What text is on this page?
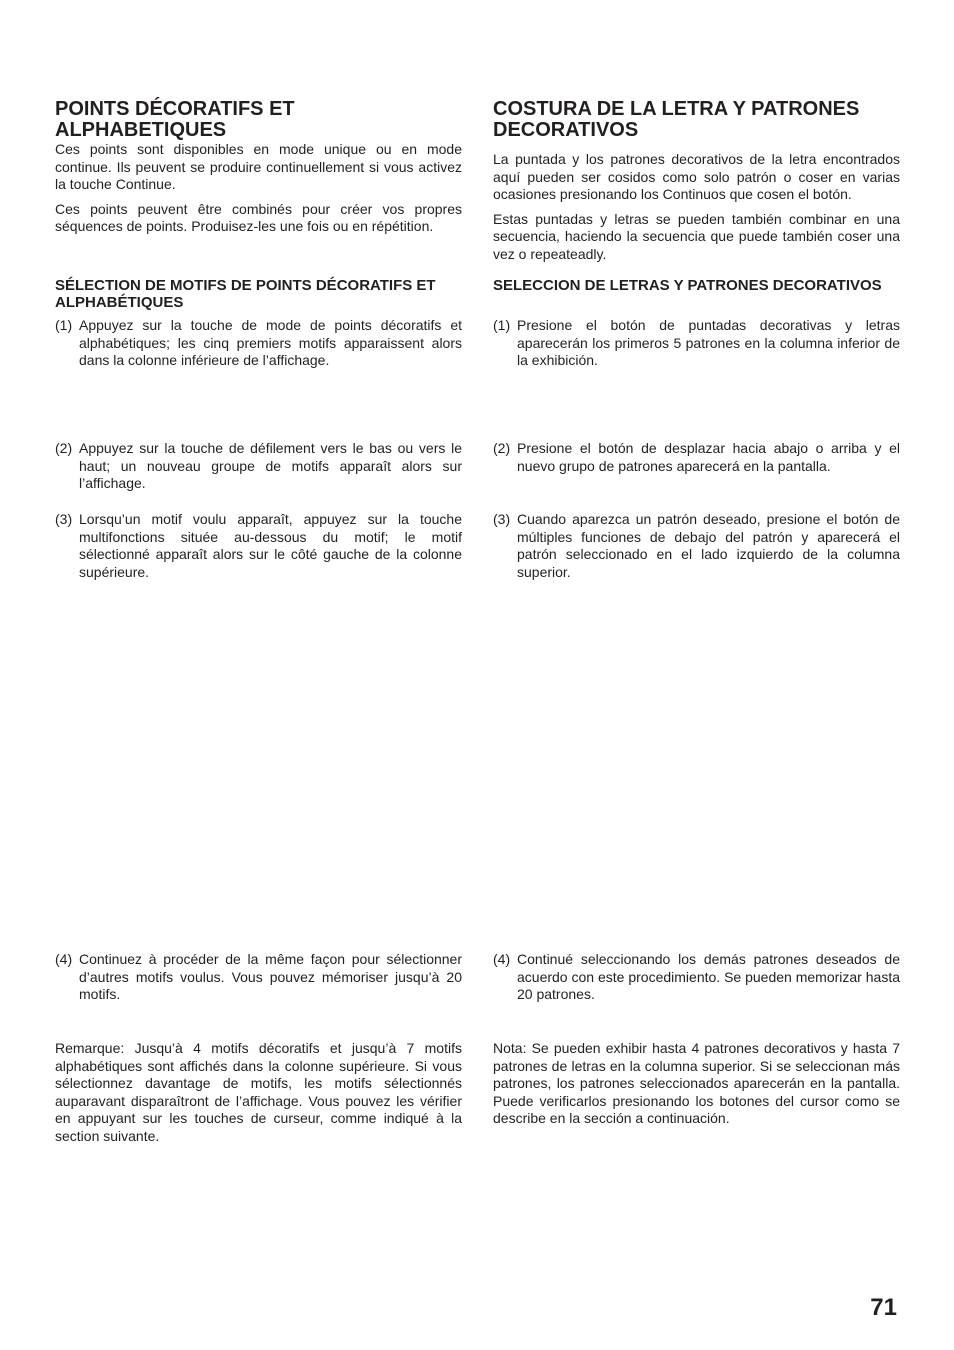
POINTS DÉCORATIFS ET ALPHABETIQUES

Ces points sont disponibles en mode unique ou en mode continue. Ils peuvent se produire continuellement si vous activez la touche Continue.

Ces points peuvent être combinés pour créer vos propres séquences de points. Produisez-les une fois ou en répétition.

SÉLECTION DE MOTIFS DE POINTS DÉCORATIFS ET ALPHABÉTIQUES
(1) Appuyez sur la touche de mode de points décoratifs et alphabétiques; les cinq premiers motifs apparaissent alors dans la colonne inférieure de l’affichage.
(2) Appuyez sur la touche de défilement vers le bas ou vers le haut; un nouveau groupe de motifs apparaît alors sur l’affichage.
(3) Lorsqu’un motif voulu apparaît, appuyez sur la touche multifonctions située au-dessous du motif; le motif sélectionné apparaît alors sur le côté gauche de la colonne supérieure.
(4) Continuez à procéder de la même façon pour sélectionner d’autres motifs voulus. Vous pouvez mémoriser jusqu’à 20 motifs.

Remarque: Jusqu’à 4 motifs décoratifs et jusqu’à 7 motifs alphabétiques sont affichés dans la colonne supérieure. Si vous sélectionnez davantage de motifs, les motifs sélectionnés auparavant disparaîtront de l’affichage. Vous pouvez les vérifier en appuyant sur les touches de curseur, comme indiqué à la section suivante.

COSTURA DE LA LETRA Y PATRONES DECORATIVOS

La puntada y los patrones decorativos de la letra encontrados aquí pueden ser cosidos como solo patrón o coser en varias ocasiones presionando los Continuos que cosen el botón.

Estas puntadas y letras se pueden también combinar en una secuencia, haciendo la secuencia que puede también coser una vez o repeateadly.

SELECCION DE LETRAS Y PATRONES DECORATIVOS
(1) Presione el botón de puntadas decorativas y letras aparecerán los primeros 5 patrones en la columna inferior de la exhibición.
(2) Presione el botón de desplazar hacia abajo o arriba y el nuevo grupo de patrones aparecerá en la pantalla.
(3) Cuando aparezca un patrón deseado, presione el botón de múltiples funciones de debajo del patrón y aparecerá el patrón seleccionado en el lado izquierdo de la columna superior.
(4) Continué seleccionando los demás patrones deseados de acuerdo con este procedimiento. Se pueden memorizar hasta 20 patrones.

Nota: Se pueden exhibir hasta 4 patrones decorativos y hasta 7 patrones de letras en la columna superior. Si se seleccionan más patrones, los patrones seleccionados aparecerán en la pantalla. Puede verificarlos presionando los botones del cursor como se describe en la sección a continuación.

71
